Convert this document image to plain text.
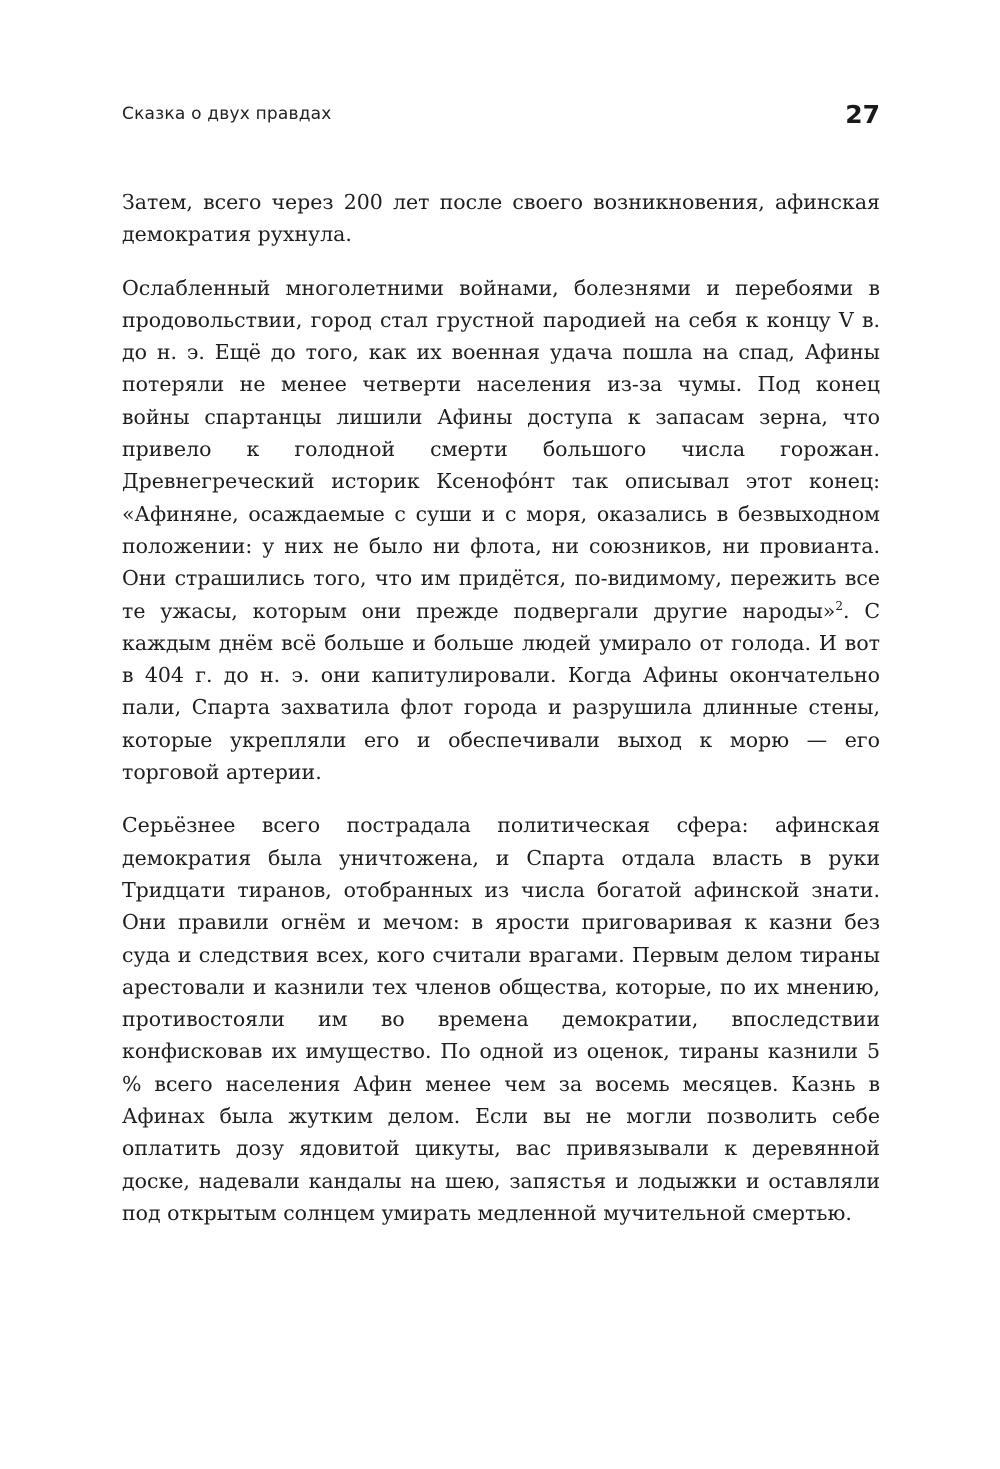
Сказка о двух правдах	27

Затем, всего через 200 лет после своего возникновения, афинская демократия рухнула.

Ослабленный многолетними войнами, болезнями и перебоями в продовольствии, город стал грустной пародией на себя к концу V в. до н. э. Ещё до того, как их военная удача пошла на спад, Афины потеряли не менее четверти населения из-за чумы. Под конец войны спартанцы лишили Афины доступа к запасам зерна, что привело к голодной смерти большого числа горожан. Древнегреческий историк Ксенофо́нт так описывал этот конец: «Афиняне, осаждаемые с суши и с моря, оказались в безвыходном положении: у них не было ни флота, ни союзников, ни провианта. Они страшились того, что им придётся, по-видимому, пережить все те ужасы, которым они прежде подвергали другие народы»$^2$. С каждым днём всё больше и больше людей умирало от голода. И вот в 404 г. до н. э. они капитулировали. Когда Афины окончательно пали, Спарта захватила флот города и разрушила длинные стены, которые укрепляли его и обеспечивали выход к морю — его торговой артерии.

Серьёзнее всего пострадала политическая сфера: афинская демократия была уничтожена, и Спарта отдала власть в руки Тридцати тиранов, отобранных из числа богатой афинской знати. Они правили огнём и мечом: в ярости приговаривая к казни без суда и следствия всех, кого считали врагами. Первым делом тираны арестовали и казнили тех членов общества, которые, по их мнению, противостояли им во времена демократии, впоследствии конфисковав их имущество. По одной из оценок, тираны казнили 5 % всего населения Афин менее чем за восемь месяцев. Казнь в Афинах была жутким делом. Если вы не могли позволить себе оплатить дозу ядовитой цикуты, вас привязывали к деревянной доске, надевали кандалы на шею, запястья и лодыжки и оставляли под открытым солнцем умирать медленной мучительной смертью.
